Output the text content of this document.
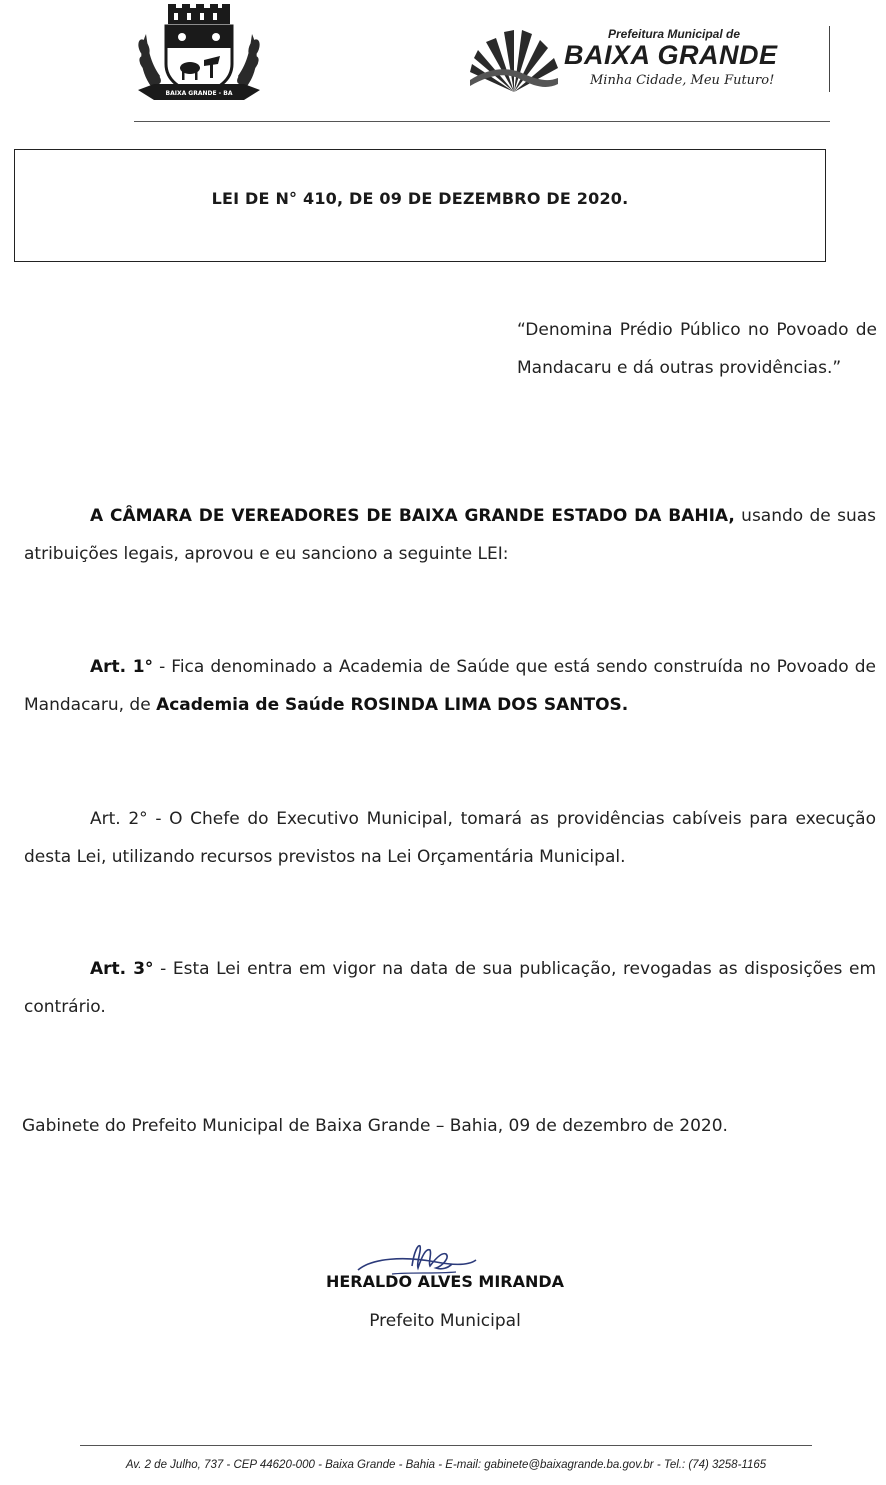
BAIXA GRANDE - BA
Prefeitura Municipal de
BAIXA GRANDE
Minha Cidade, Meu Futuro!
LEI DE N° 410, DE 09 DE DEZEMBRO DE 2020.
“Denomina Prédio Público no Povoado de Mandacaru e dá outras providências.”
A CÂMARA DE VEREADORES DE BAIXA GRANDE ESTADO DA BAHIA, usando de suas atribuições legais, aprovou e eu sanciono a seguinte LEI:
Art. 1° - Fica denominado a Academia de Saúde que está sendo construída no Povoado de Mandacaru, de Academia de Saúde ROSINDA LIMA DOS SANTOS.
Art. 2° - O Chefe do Executivo Municipal, tomará as providências cabíveis para execução desta Lei, utilizando recursos previstos na Lei Orçamentária Municipal.
Art. 3° - Esta Lei entra em vigor na data de sua publicação, revogadas as disposições em contrário.
Gabinete do Prefeito Municipal de Baixa Grande – Bahia, 09 de dezembro de 2020.
HERALDO ALVES MIRANDA
Prefeito Municipal
Av. 2 de Julho, 737 - CEP 44620-000 - Baixa Grande - Bahia - E-mail: gabinete@baixagrande.ba.gov.br - Tel.: (74) 3258-1165
